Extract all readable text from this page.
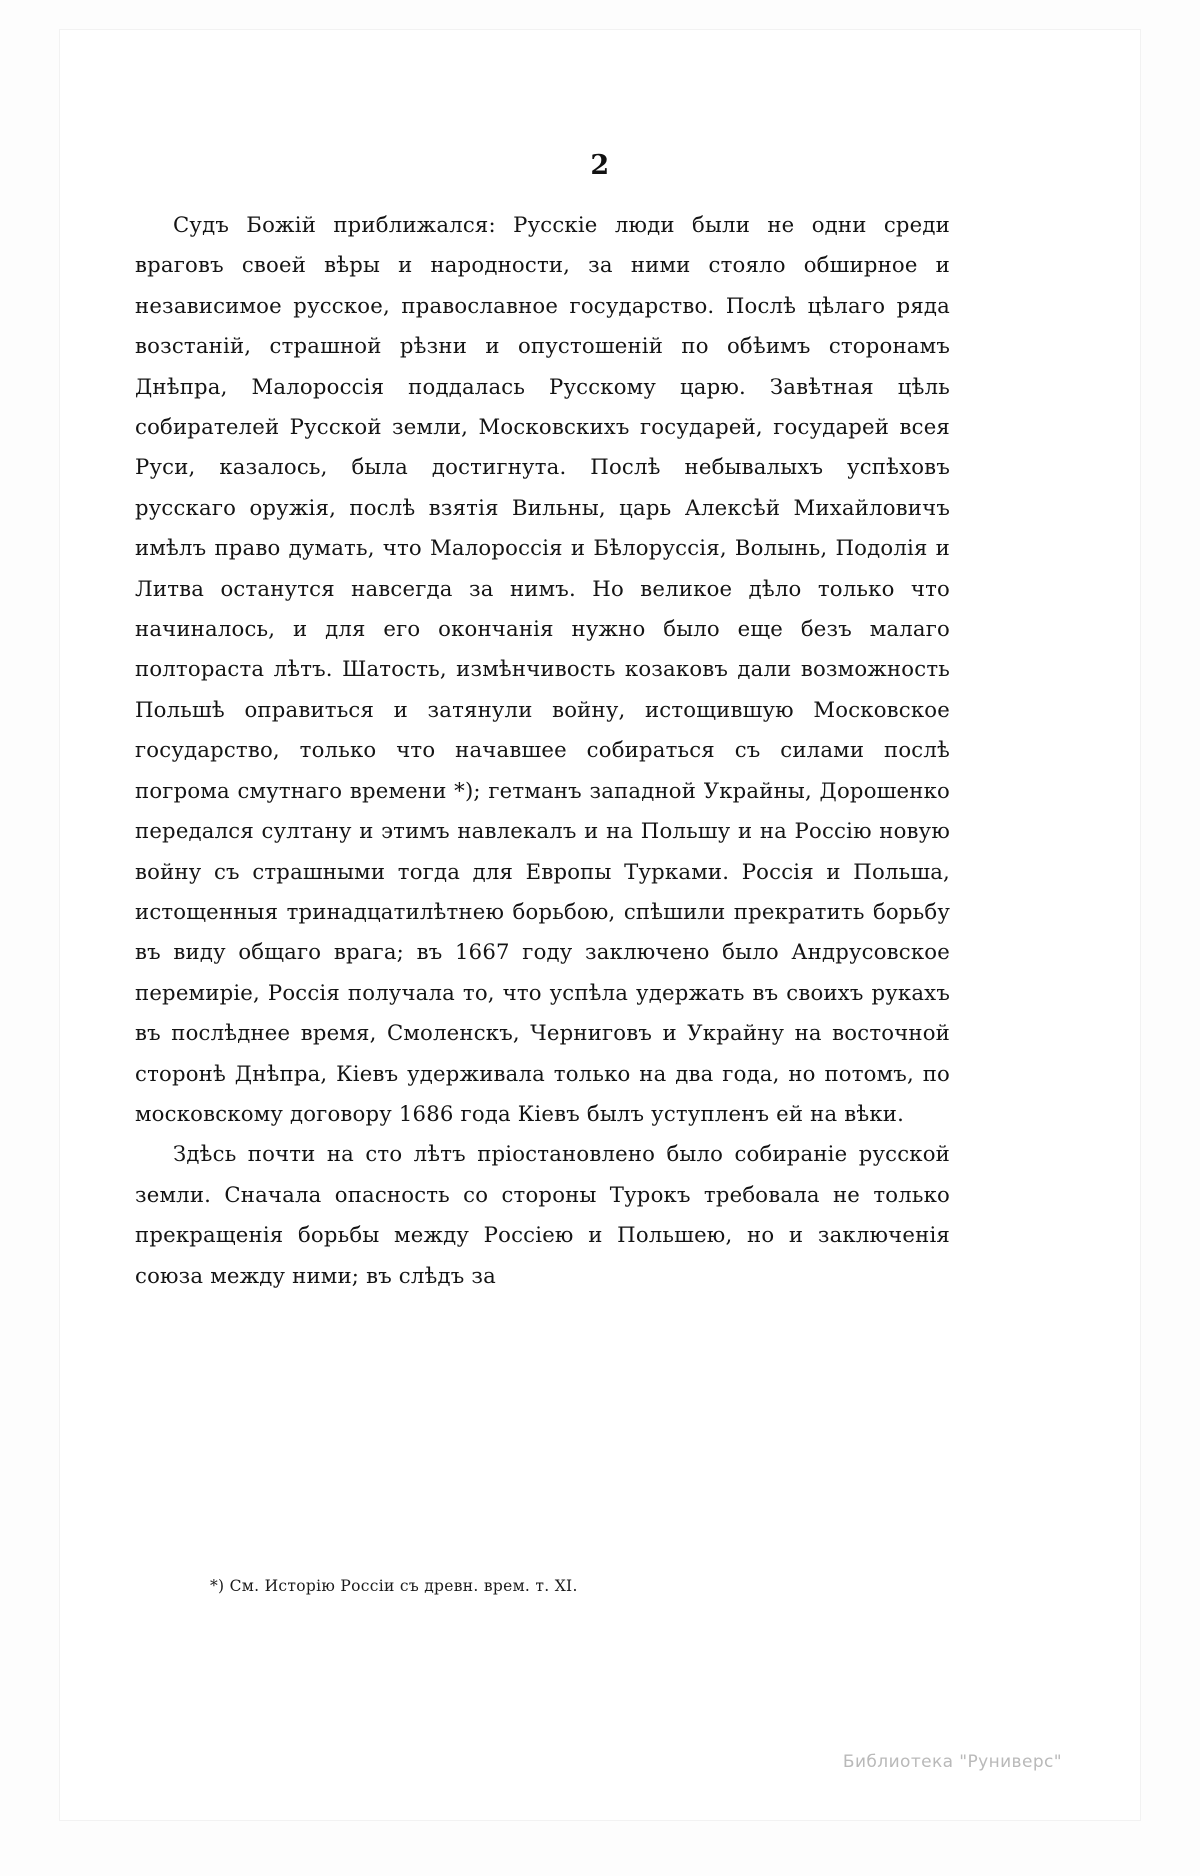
2

Судъ Божій приближался: Русскіе люди были не одни среди враговъ своей вѣры и народности, за ними стояло обширное и независимое русское, православное государство. Послѣ цѣлаго ряда возстаній, страшной рѣзни и опустошеній по обѣимъ сторонамъ Днѣпра, Малороссія поддалась Русскому царю. Завѣтная цѣль собирателей Русской земли, Московскихъ государей, государей всея Руси, казалось, была достигнута. Послѣ небывалыхъ успѣховъ русскаго оружія, послѣ взятія Вильны, царь Алексѣй Михайловичъ имѣлъ право думать, что Малороссія и Бѣлоруссія, Волынь, Подолія и Литва останутся навсегда за нимъ. Но великое дѣло только что начиналось, и для его окончанія нужно было еще безъ малаго полтораста лѣтъ. Шатость, измѣнчивость козаковъ дали возможность Польшѣ оправиться и затянули войну, истощившую Московское государство, только что начавшее собираться съ силами послѣ погрома смутнаго времени *); гетманъ западной Украйны, Дорошенко передался султану и этимъ навлекалъ и на Польшу и на Россію новую войну съ страшными тогда для Европы Турками. Россія и Польша, истощенныя тринадцатилѣтнею борьбою, спѣшили прекратить борьбу въ виду общаго врага; въ 1667 году заключено было Андрусовское перемиріе, Россія получала то, что успѣла удержать въ своихъ рукахъ въ послѣднее время, Смоленскъ, Черниговъ и Украйну на восточной сторонѣ Днѣпра, Кіевъ удерживала только на два года, но потомъ, по московскому договору 1686 года Кіевъ былъ уступленъ ей на вѣки.

Здѣсь почти на сто лѣтъ пріостановлено было собираніе русской земли. Сначала опасность со стороны Турокъ требовала не только прекращенія борьбы между Россіею и Польшею, но и заключенія союза между ними; въ слѣдъ за

*) См. Исторію Россіи съ древн. врем. т. XI.
Библиотека "Руниверс"
